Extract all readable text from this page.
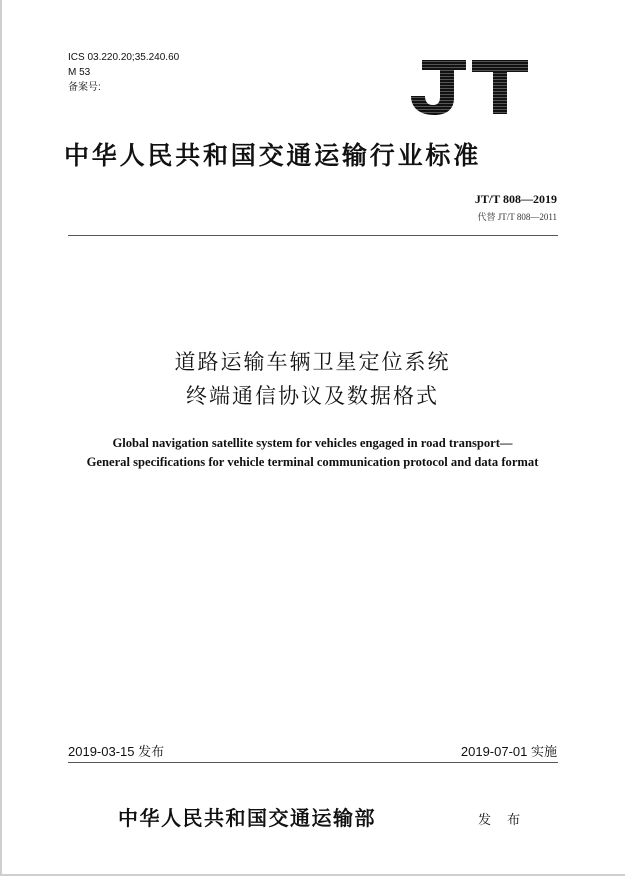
ICS 03.220.20;35.240.60
M 53
备案号:
中华人民共和国交通运输行业标准
JT/T 808—2019
代替 JT/T 808—2011
道路运输车辆卫星定位系统
终端通信协议及数据格式
Global navigation satellite system for vehicles engaged in road transport—
General specifications for vehicle terminal communication protocol and data format
2019-03-15 发布	2019-07-01 实施
中华人民共和国交通运输部	发 布
